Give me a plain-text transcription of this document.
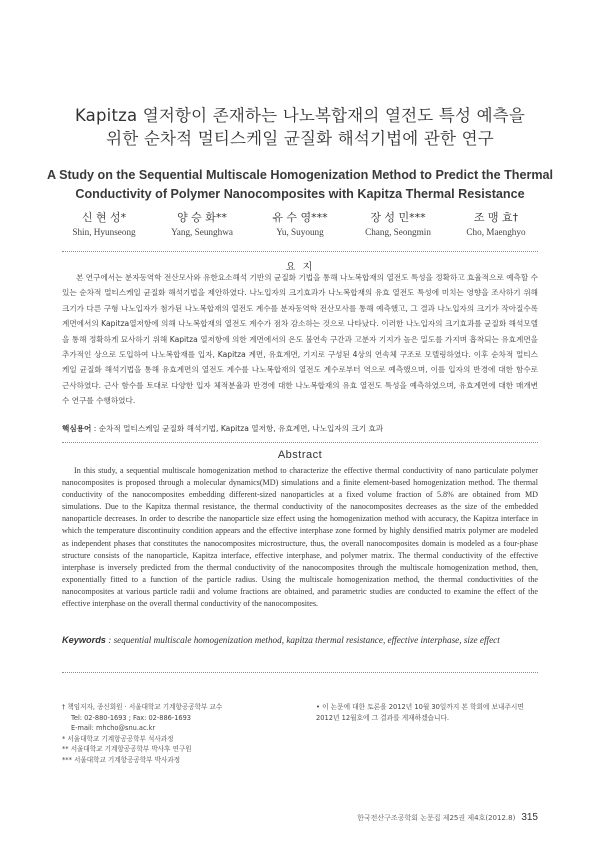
Kapitza 열저항이 존재하는 나노복합재의 열전도 특성 예측을
위한 순차적 멀티스케일 균질화 해석기법에 관한 연구
A Study on the Sequential Multiscale Homogenization Method to Predict the Thermal
Conductivity of Polymer Nanocomposites with Kapitza Thermal Resistance
신 현 성*
Shin, Hyunseong
양 승 화**
Yang, Seunghwa
유 수 영***
Yu, Suyoung
장 성 민***
Chang, Seongmin
조 맹 효†
Cho, Maenghyo
요 지

본 연구에서는 분자동역학 전산모사와 유한요소해석 기반의 균질화 기법을 통해 나노복합재의 열전도 특성을 정확하고 효율적으로 예측할 수 있는 순차적 멀티스케일 균질화 해석기법을 제안하였다. 나노입자의 크기효과가 나노복합재의 유효 열전도 특성에 미치는 영향을 조사하기 위해 크기가 다른 구형 나노입자가 첨가된 나노복합재의 열전도 계수를 분자동역학 전산모사를 통해 예측했고, 그 결과 나노입자의 크기가 작아질수록 계면에서의 Kapitza열저항에 의해 나노복합재의 열전도 계수가 점차 감소하는 것으로 나타났다. 이러한 나노입자의 크기효과를 균질화 해석모델을 통해 정확하게 묘사하기 위해 Kapitza 열저항에 의한 계면에서의 온도 불연속 구간과 고분자 기지가 높은 밀도를 가지며 흡착되는 유효계면을 추가적인 상으로 도입하여 나노복합재를 입자, Kapitza 계면, 유효계면, 기지로 구성된 4상의 연속체 구조로 모델링하였다. 이후 순차적 멀티스케일 균질화 해석기법을 통해 유효계면의 열전도 계수를 나노복합재의 열전도 계수로부터 역으로 예측했으며, 이를 입자의 반경에 대한 함수로 근사하였다. 근사 함수를 토대로 다양한 입자 체적분율과 반경에 대한 나노복합재의 유효 열전도 특성을 예측하였으며, 유효계면에 대한 매개변수 연구를 수행하였다.

핵심용어 : 순차적 멀티스케일 균질화 해석기법, Kapitza 열저항, 유효계면, 나노입자의 크기 효과
Abstract

In this study, a sequential multiscale homogenization method to characterize the effective thermal conductivity of nano particulate polymer nanocomposites is proposed through a molecular dynamics(MD) simulations and a finite element-based homogenization method. The thermal conductivity of the nanocomposites embedding different-sized nanoparticles at a fixed volume fraction of 5.8% are obtained from MD simulations. Due to the Kapitza thermal resistance, the thermal conductivity of the nanocomposites decreases as the size of the embedded nanoparticle decreases. In order to describe the nanoparticle size effect using the homogenization method with accuracy, the Kapitza interface in which the temperature discontinuity condition appears and the effective interphase zone formed by highly densified matrix polymer are modeled as independent phases that constitutes the nanocomposites microstructure, thus, the overall nanocomposites domain is modeled as a four-phase structure consists of the nanoparticle, Kapitza interface, effective interphase, and polymer matrix. The thermal conductivity of the effective interphase is inversely predicted from the thermal conductivity of the nanocomposites through the multiscale homogenization method, then, exponentially fitted to a function of the particle radius. Using the multiscale homogenization method, the thermal conductivities of the nanocomposites at various particle radii and volume fractions are obtained, and parametric studies are conducted to examine the effect of the effective interphase on the overall thermal conductivity of the nanocomposites.

Keywords : sequential multiscale homogenization method, kapitza thermal resistance, effective interphase, size effect
† 책임저자, 종신회원 · 서울대학교 기계항공공학부 교수
Tel: 02-880-1693 ; Fax: 02-886-1693
E-mail: mhcho@snu.ac.kr
* 서울대학교 기계항공공학부 석사과정
** 서울대학교 기계항공공학부 박사후 연구원
*** 서울대학교 기계항공공학부 박사과정
• 이 논문에 대한 토론을 2012년 10월 30일까지 본 학회에 보내주시면 2012년 12월호에 그 결과를 게재하겠습니다.
한국전산구조공학회 논문집 제25권 제4호(2012.8) 315
